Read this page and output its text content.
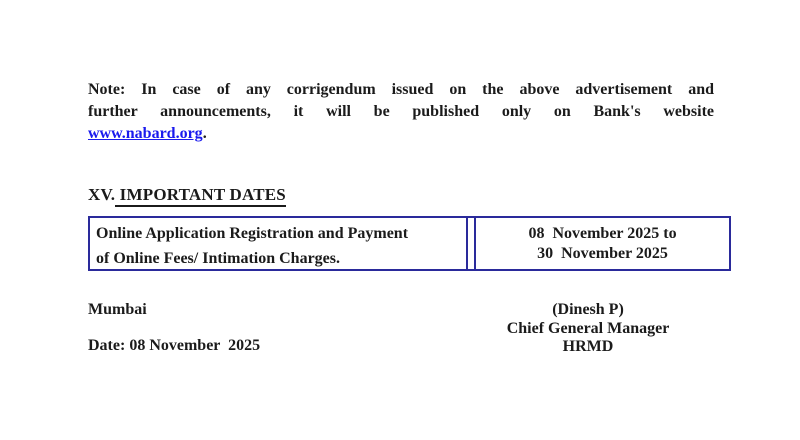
Note: In case of any corrigendum issued on the above advertisement and
further announcements, it will be published only on Bank's website
www.nabard.org.
XV. IMPORTANT DATES
Online Application Registration and Payment
of Online Fees/ Intimation Charges.
08  November 2025 to
30  November 2025
Mumbai
Date: 08 November  2025
(Dinesh P)
Chief General Manager
HRMD
